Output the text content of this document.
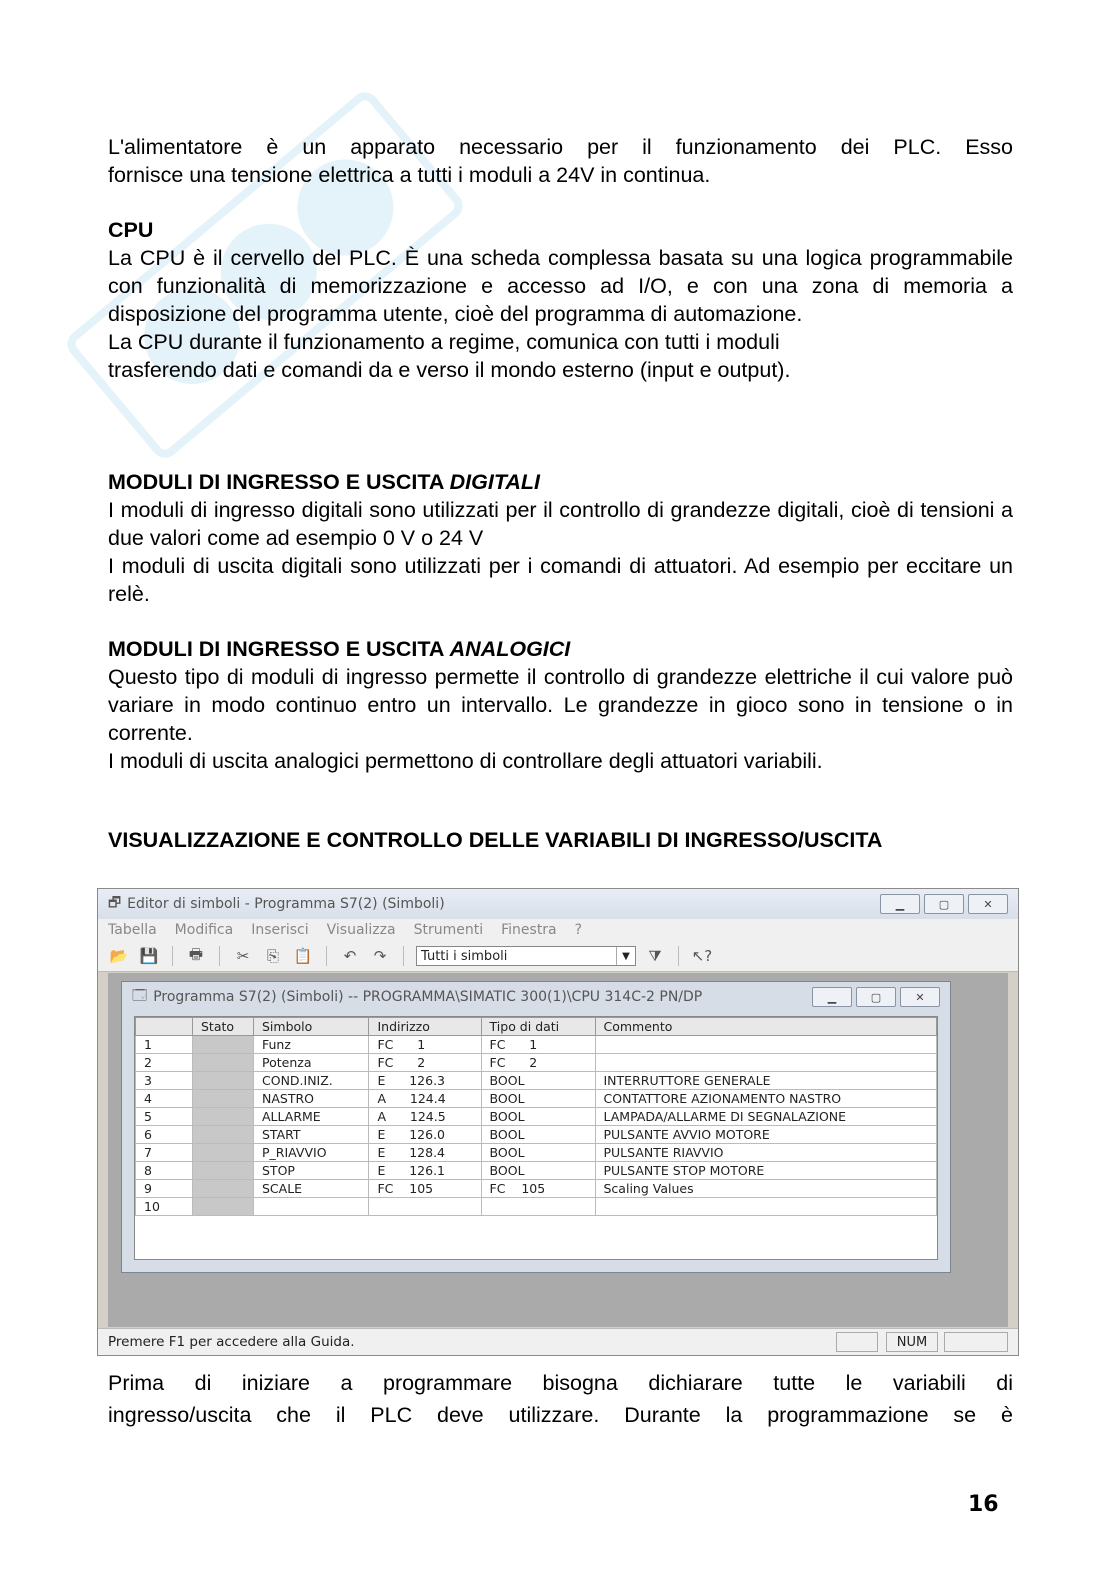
L'alimentatore è un apparato necessario per il funzionamento dei PLC. Esso

fornisce una tensione elettrica a tutti i moduli a 24V in continua.

CPU

La CPU è il cervello del PLC. È una scheda complessa basata su una logica programmabile con funzionalità di memorizzazione e accesso ad I/O, e con una zona di memoria a disposizione del programma utente, cioè del programma di automazione.

La CPU durante il funzionamento a regime, comunica con tutti i moduli

trasferendo dati e comandi da e verso il mondo esterno (input e output).

MODULI DI INGRESSO E USCITA DIGITALI

I moduli di ingresso digitali sono utilizzati per il controllo di grandezze digitali, cioè di tensioni a due valori come ad esempio 0 V o 24 V

I moduli di uscita digitali sono utilizzati per i comandi di attuatori. Ad esempio per eccitare un relè.

MODULI DI INGRESSO E USCITA ANALOGICI

Questo tipo di moduli di ingresso permette il controllo di grandezze elettriche il cui valore può variare in modo continuo entro un intervallo. Le grandezze in gioco sono in tensione o in corrente.

I moduli di uscita analogici permettono di controllare degli attuatori variabili.

VISUALIZZAZIONE E CONTROLLO DELLE VARIABILI DI INGRESSO/USCITA

🗗 Editor di simboli - Programma S7(2) (Simboli)	▁	▢	✕
Tabella Modifica Inserisci Visualizza Strumenti Finestra ?
📂 💾 🖶	✂	⎘ 📋	↶	↷	Tutti i simboli	▼	⧩ ↖?
🗔 Programma S7(2) (Simboli) -- PROGRAMMA\SIMATIC 300(1)\CPU 314C-2 PN/DP	▁	▢	✕
	Stato	Simbolo	Indirizzo	Tipo di dati	Commento
1		Funz	FC      1	FC      1	
2		Potenza	FC      2	FC      2	
3		COND.INIZ.	E      126.3	BOOL	INTERRUTTORE GENERALE
4		NASTRO	A      124.4	BOOL	CONTATTORE AZIONAMENTO NASTRO
5		ALLARME	A      124.5	BOOL	LAMPADA/ALLARME DI SEGNALAZIONE
6		START	E      126.0	BOOL	PULSANTE AVVIO MOTORE
7		P_RIAVVIO	E      128.4	BOOL	PULSANTE RIAVVIO
8		STOP	E      126.1	BOOL	PULSANTE STOP MOTORE
9		SCALE	FC    105	FC    105	Scaling Values
10					
Premere F1 per accedere alla Guida.	NUM

Prima di iniziare a programmare bisogna dichiarare tutte le variabili di

ingresso/uscita che il PLC deve utilizzare. Durante la programmazione se è

16
